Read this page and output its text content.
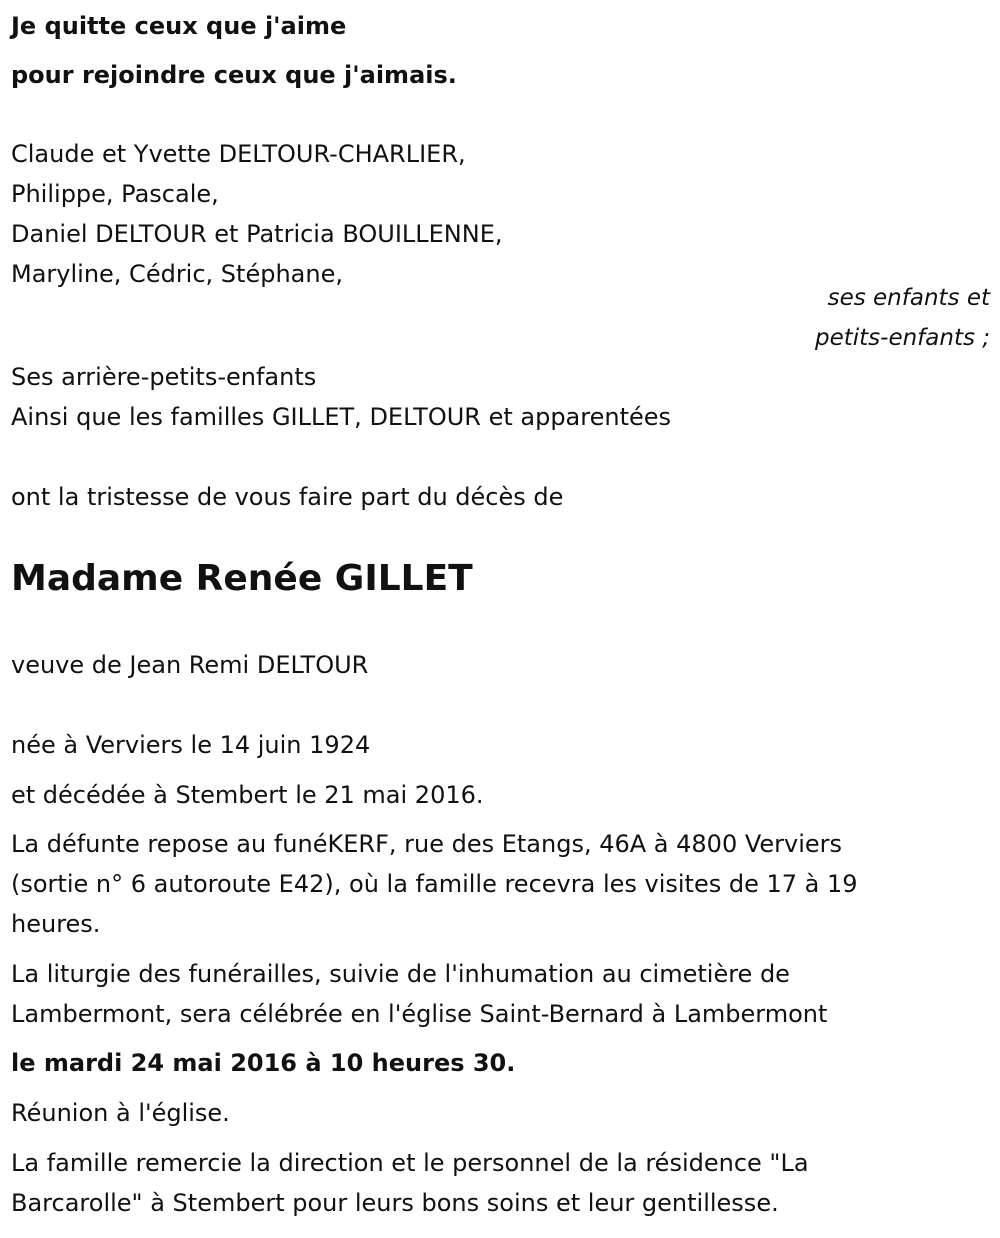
Je quitte ceux que j'aime
pour rejoindre ceux que j'aimais.
Claude et Yvette DELTOUR-CHARLIER,
Philippe, Pascale,
Daniel DELTOUR et Patricia BOUILLENNE,
Maryline, Cédric, Stéphane,
ses enfants et
petits-enfants ;
Ses arrière-petits-enfants
Ainsi que les familles GILLET, DELTOUR et apparentées
ont la tristesse de vous faire part du décès de
Madame Renée GILLET
veuve de Jean Remi DELTOUR
née à Verviers le 14 juin 1924
et décédée à Stembert le 21 mai 2016.
La défunte repose au funéKERF, rue des Etangs, 46A à 4800 Verviers
(sortie n° 6 autoroute E42), où la famille recevra les visites de 17 à 19
heures.
La liturgie des funérailles, suivie de l'inhumation au cimetière de
Lambermont, sera célébrée en l'église Saint-Bernard à Lambermont
le mardi 24 mai 2016 à 10 heures 30.
Réunion à l'église.
La famille remercie la direction et le personnel de la résidence "La
Barcarolle" à Stembert pour leurs bons soins et leur gentillesse.
